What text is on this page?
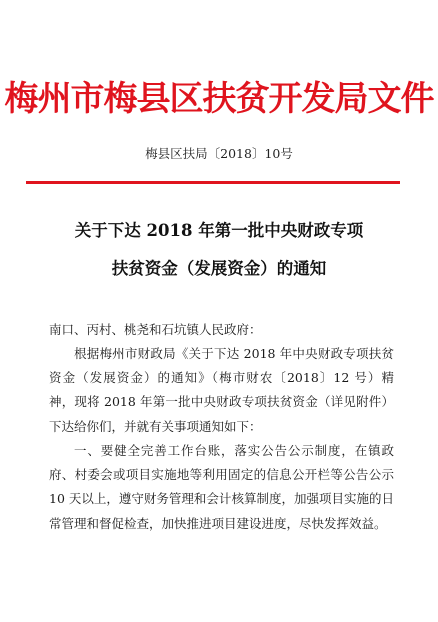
梅州市梅县区扶贫开发局文件
梅县区扶局〔2018〕10号
关于下达 2018 年第一批中央财政专项
扶贫资金（发展资金）的通知
南口、丙村、桃尧和石坑镇人民政府：
根据梅州市财政局《关于下达 2018 年中央财政专项扶贫资金（发展资金）的通知》（梅市财农〔2018〕12 号）精神，现将 2018 年第一批中央财政专项扶贫资金（详见附件）下达给你们，并就有关事项通知如下：
一、要健全完善工作台账，落实公告公示制度，在镇政府、村委会或项目实施地等利用固定的信息公开栏等公告公示 10 天以上，遵守财务管理和会计核算制度，加强项目实施的日常管理和督促检查，加快推进项目建设进度，尽快发挥效益。
